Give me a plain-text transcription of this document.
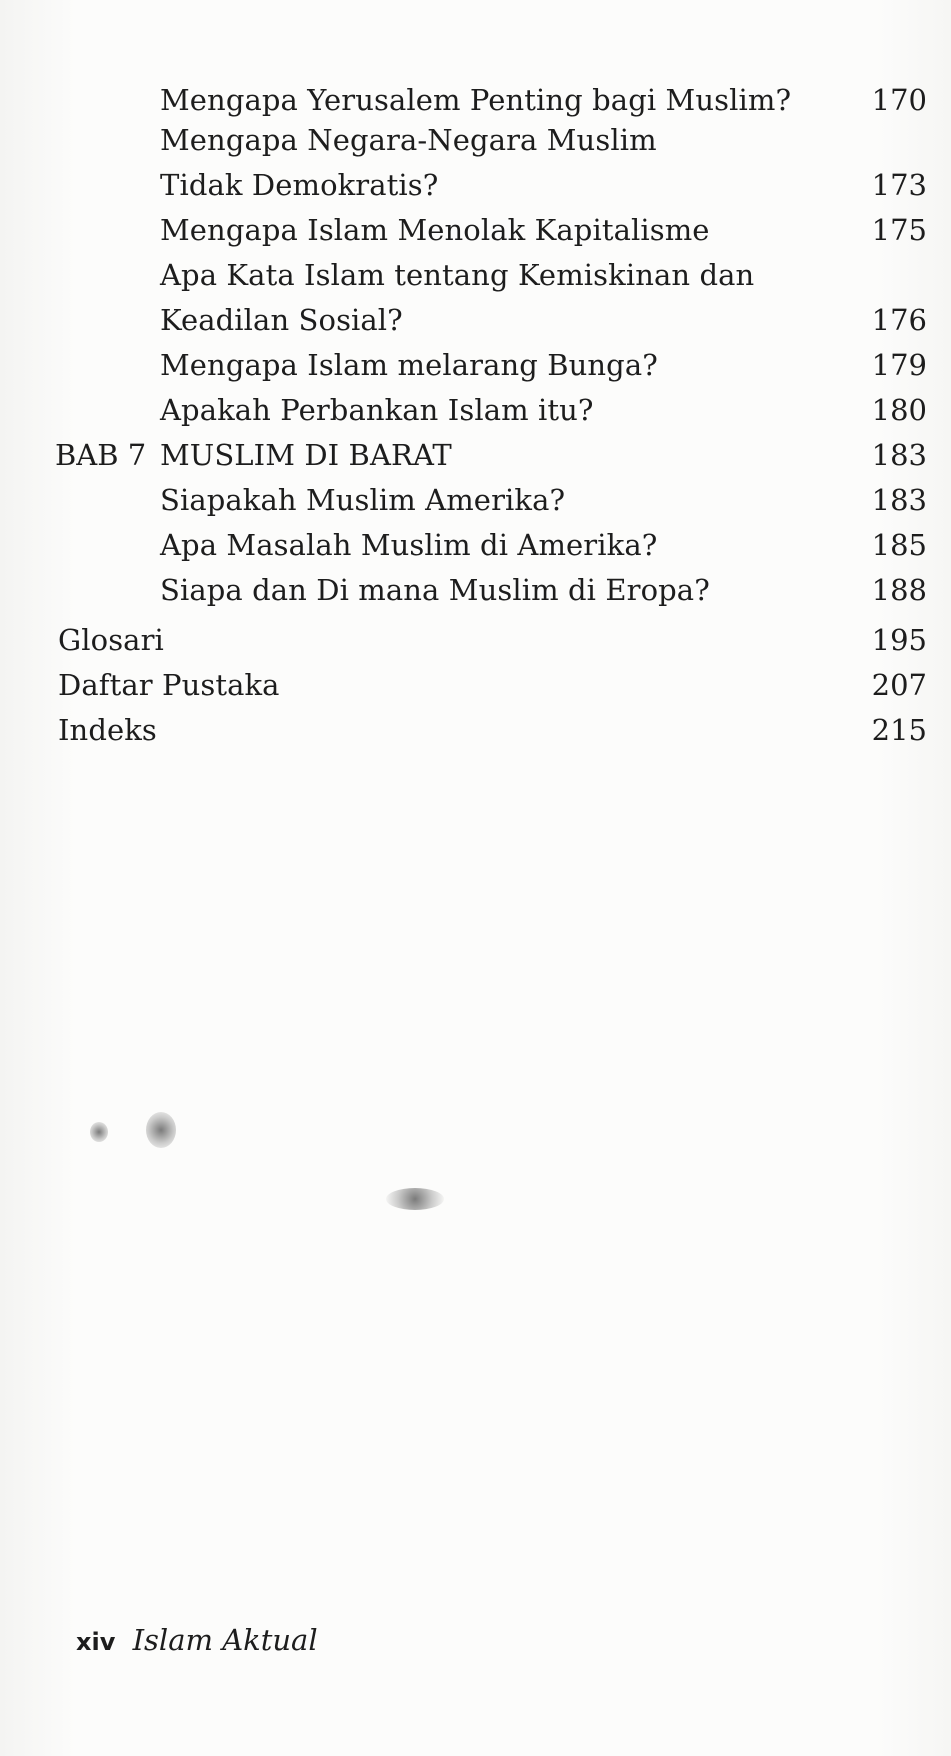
Mengapa Yerusalem Penting bagi Muslim?	170
Mengapa Negara-Negara Muslim
Tidak Demokratis?	173
Mengapa Islam Menolak Kapitalisme	175
Apa Kata Islam tentang Kemiskinan dan
Keadilan Sosial?	176
Mengapa Islam melarang Bunga?	179
Apakah Perbankan Islam itu?	180
BAB 7 MUSLIM DI BARAT	183
Siapakah Muslim Amerika?	183
Apa Masalah Muslim di Amerika?	185
Siapa dan Di mana Muslim di Eropa?	188
Glosari	195
Daftar Pustaka	207
Indeks	215
xiv Islam Aktual
